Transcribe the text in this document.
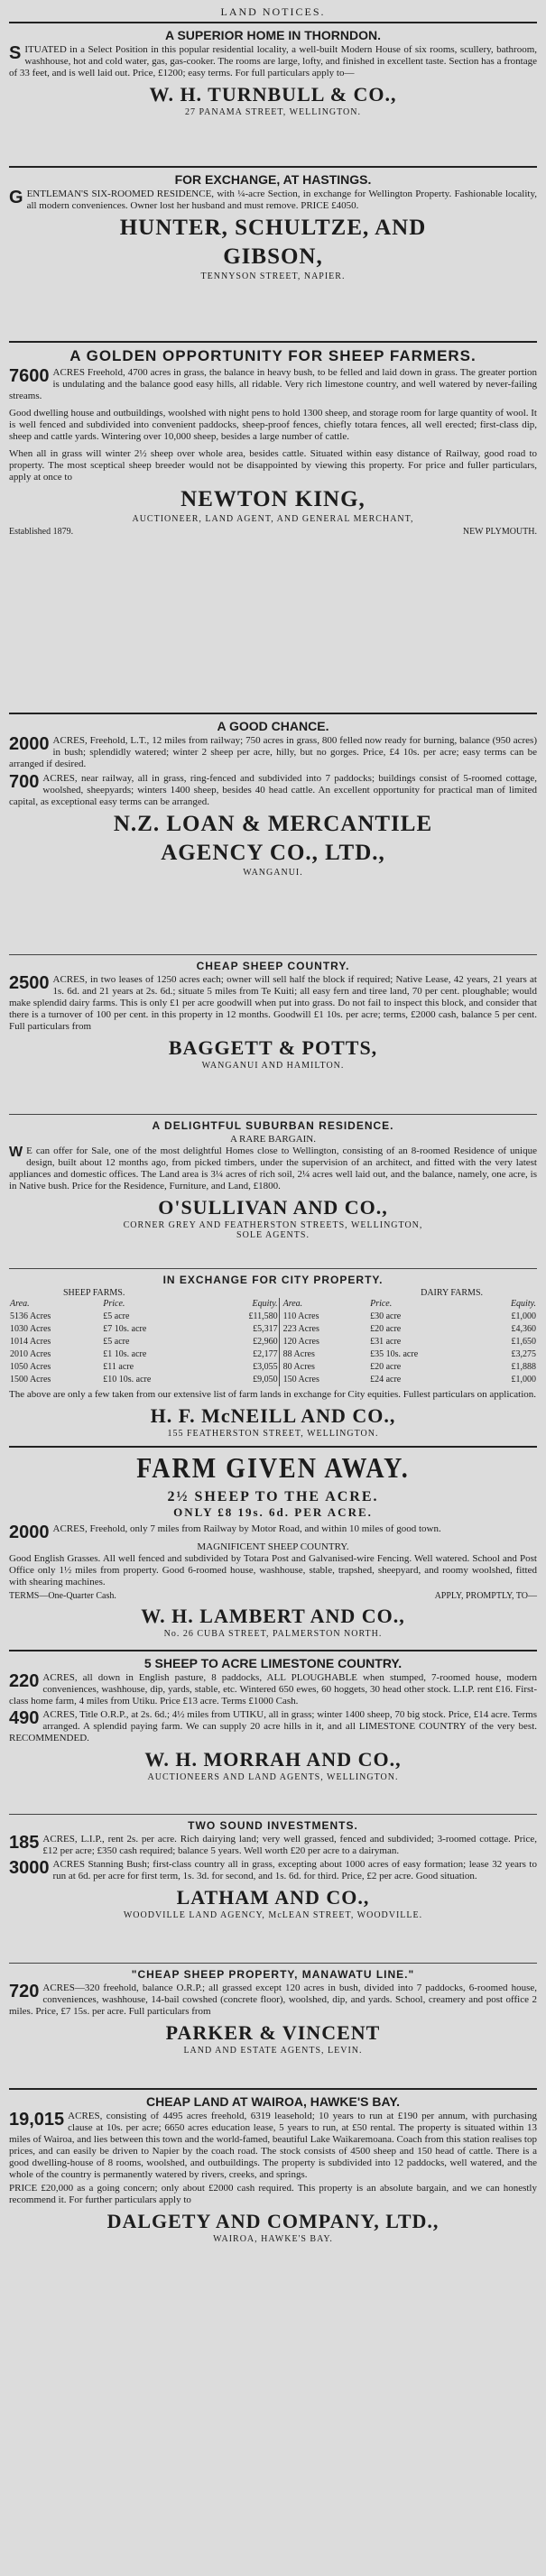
LAND NOTICES.
A SUPERIOR HOME IN THORNDON.

SITUATED in a Select Position in this popular residential locality, a well-built Modern House of six rooms, scullery, bathroom, washhouse, hot and cold water, gas, gas-cooker. The rooms are large, lofty, and finished in excellent taste. Section has a frontage of 33 feet, and is well laid out. Price, £1200; easy terms. For full particulars apply to—

W. H. TURNBULL & CO.,
27 PANAMA STREET, WELLINGTON.
FOR EXCHANGE, AT HASTINGS.

GENTLEMAN'S SIX-ROOMED RESIDENCE, with ¼-acre Section, in exchange for Wellington Property. Fashionable locality, all modern conveniences. Owner lost her husband and must remove. PRICE £4050.

HUNTER, SCHULTZE, AND
GIBSON,
TENNYSON STREET, NAPIER.
A GOLDEN OPPORTUNITY FOR SHEEP FARMERS.

7600 ACRES Freehold, 4700 acres in grass, the balance in heavy bush, to be felled and laid down in grass. The greater portion is undulating and the balance good easy hills, all ridable. Very rich limestone country, and well watered by never-failing streams.

Good dwelling house and outbuildings, woolshed with night pens to hold 1300 sheep, and storage room for large quantity of wool. It is well fenced and subdivided into convenient paddocks, sheep-proof fences, chiefly totara fences, all well erected; first-class dip, sheep and cattle yards. Wintering over 10,000 sheep, besides a large number of cattle.

When all in grass will winter 2½ sheep over whole area, besides cattle. Situated within easy distance of Railway, good road to property. The most sceptical sheep breeder would not be disappointed by viewing this property. For price and fuller particulars, apply at once to

NEWTON KING,
AUCTIONEER, LAND AGENT, AND GENERAL MERCHANT,
Established 1879.	NEW PLYMOUTH.
A GOOD CHANCE.

2000 ACRES, Freehold, L.T., 12 miles from railway; 750 acres in grass, 800 felled now ready for burning, balance (950 acres) in bush; splendidly watered; winter 2 sheep per acre, hilly, but no gorges. Price, £4 10s. per acre; easy terms can be arranged if desired.

700 ACRES, near railway, all in grass, ring-fenced and subdivided into 7 paddocks; buildings consist of 5-roomed cottage, woolshed, sheepyards; winters 1400 sheep, besides 40 head cattle. An excellent opportunity for practical man of limited capital, as exceptional easy terms can be arranged.

N.Z. LOAN & MERCANTILE
AGENCY CO., LTD.,
WANGANUI.
CHEAP SHEEP COUNTRY.

2500 ACRES, in two leases of 1250 acres each; owner will sell half the block if required; Native Lease, 42 years, 21 years at 1s. 6d. and 21 years at 2s. 6d.; situate 5 miles from Te Kuiti; all easy fern and tiree land, 70 per cent. ploughable; would make splendid dairy farms. This is only £1 per acre goodwill when put into grass. Do not fail to inspect this block, and consider that there is a turnover of 100 per cent. in this property in 12 months. Goodwill £1 10s. per acre; terms, £2000 cash, balance 5 per cent. Full particulars from

BAGGETT & POTTS,
WANGANUI AND HAMILTON.
A DELIGHTFUL SUBURBAN RESIDENCE.

A RARE BARGAIN.

W E can offer for Sale, one of the most delightful Homes close to Wellington, consisting of an 8-roomed Residence of unique design, built about 12 months ago, from picked timbers, under the supervision of an architect, and fitted with the very latest appliances and domestic offices. The Land area is 3¼ acres of rich soil, 2¼ acres well laid out, and the balance, namely, one acre, is in Native bush. Price for the Residence, Furniture, and Land, £1800.

O'SULLIVAN AND CO.,
CORNER GREY AND FEATHERSTON STREETS, WELLINGTON,
SOLE AGENTS.
IN EXCHANGE FOR CITY PROPERTY.
SHEEP FARMS.	DAIRY FARMS.
Area.	Price.	Equity.	Area.	Price.	Equity.
5136 Acres	£5 acre	£11,580	110 Acres	£30 acre	£1,000
1030 Acres	£7 10s. acre	£5,317	223 Acres	£20 acre	£4,360
1014 Acres	£5 acre	£2,960	120 Acres	£31 acre	£1,650
2010 Acres	£1 10s. acre	£2,177	88 Acres	£35 10s. acre	£3,275
1050 Acres	£11 acre	£3,055	80 Acres	£20 acre	£1,888
1500 Acres	£10 10s. acre	£9,050	150 Acres	£24 acre	£1,000

The above are only a few taken from our extensive list of farm lands in exchange for City equities. Fullest particulars on application.

H. F. McNEILL AND CO.,
155 FEATHERSTON STREET, WELLINGTON.
FARM GIVEN AWAY.
2½ SHEEP TO THE ACRE.
ONLY £8 19s. 6d. PER ACRE.

2000 ACRES, Freehold, only 7 miles from Railway by Motor Road, and within 10 miles of good town.

MAGNIFICENT SHEEP COUNTRY.

Good English Grasses. All well fenced and subdivided by Totara Post and Galvanised-wire Fencing. Well watered. School and Post Office only 1½ miles from property. Good 6-roomed house, washhouse, stable, trapshed, sheepyard, and roomy woolshed, fitted with shearing machines.

TERMS—One-Quarter Cash.	APPLY, PROMPTLY, TO—
W. H. LAMBERT AND CO.,
No. 26 CUBA STREET, PALMERSTON NORTH.
5 SHEEP TO ACRE LIMESTONE COUNTRY.

220 ACRES, all down in English pasture, 8 paddocks, ALL PLOUGHABLE when stumped, 7-roomed house, modern conveniences, washhouse, dip, yards, stable, etc. Wintered 650 ewes, 60 hoggets, 30 head other stock. L.I.P. rent £16. First-class home farm, 4 miles from Utiku. Price £13 acre. Terms £1000 Cash.

490 ACRES, Title O.R.P., at 2s. 6d.; 4½ miles from UTIKU, all in grass; winter 1400 sheep, 70 big stock. Price, £14 acre. Terms arranged. A splendid paying farm. We can supply 20 acre hills in it, and all LIMESTONE COUNTRY of the very best. RECOMMENDED.

W. H. MORRAH AND CO.,
AUCTIONEERS AND LAND AGENTS, WELLINGTON.
TWO SOUND INVESTMENTS.

185 ACRES, L.I.P., rent 2s. per acre. Rich dairying land; very well grassed, fenced and subdivided; 3-roomed cottage. Price, £12 per acre; £350 cash required; balance 5 years. Well worth £20 per acre to a dairyman.

3000 ACRES Stanning Bush; first-class country all in grass, excepting about 1000 acres of easy formation; lease 32 years to run at 6d. per acre for first term, 1s. 3d. for second, and 1s. 6d. for third. Price, £2 per acre. Good situation.

LATHAM AND CO.,
WOODVILLE LAND AGENCY, McLEAN STREET, WOODVILLE.
"CHEAP SHEEP PROPERTY, MANAWATU LINE."

720 ACRES—320 freehold, balance O.R.P.; all grassed except 120 acres in bush, divided into 7 paddocks, 6-roomed house, conveniences, washhouse, 14-bail cowshed (concrete floor), woolshed, dip, and yards. School, creamery and post office 2 miles. Price, £7 15s. per acre. Full particulars from

PARKER & VINCENT
LAND AND ESTATE AGENTS, LEVIN.
CHEAP LAND AT WAIROA, HAWKE'S BAY.

19,015 ACRES, consisting of 4495 acres freehold, 6319 leasehold; 10 years to run at £190 per annum, with purchasing clause at 10s. per acre; 6650 acres education lease, 5 years to run, at £50 rental. The property is situated within 13 miles of Wairoa, and lies between this town and the world-famed, beautiful Lake Waikaremoana. Coach from this station realises top prices, and can easily be driven to Napier by the coach road. The stock consists of 4500 sheep and 150 head of cattle. There is a good dwelling-house of 8 rooms, woolshed, and outbuildings. The property is subdivided into 12 paddocks, well watered, and the whole of the country is permanently watered by rivers, creeks, and springs.

PRICE £20,000 as a going concern; only about £2000 cash required. This property is an absolute bargain, and we can honestly recommend it. For further particulars apply to

DALGETY AND COMPANY, LTD.,
WAIROA, HAWKE'S BAY.
